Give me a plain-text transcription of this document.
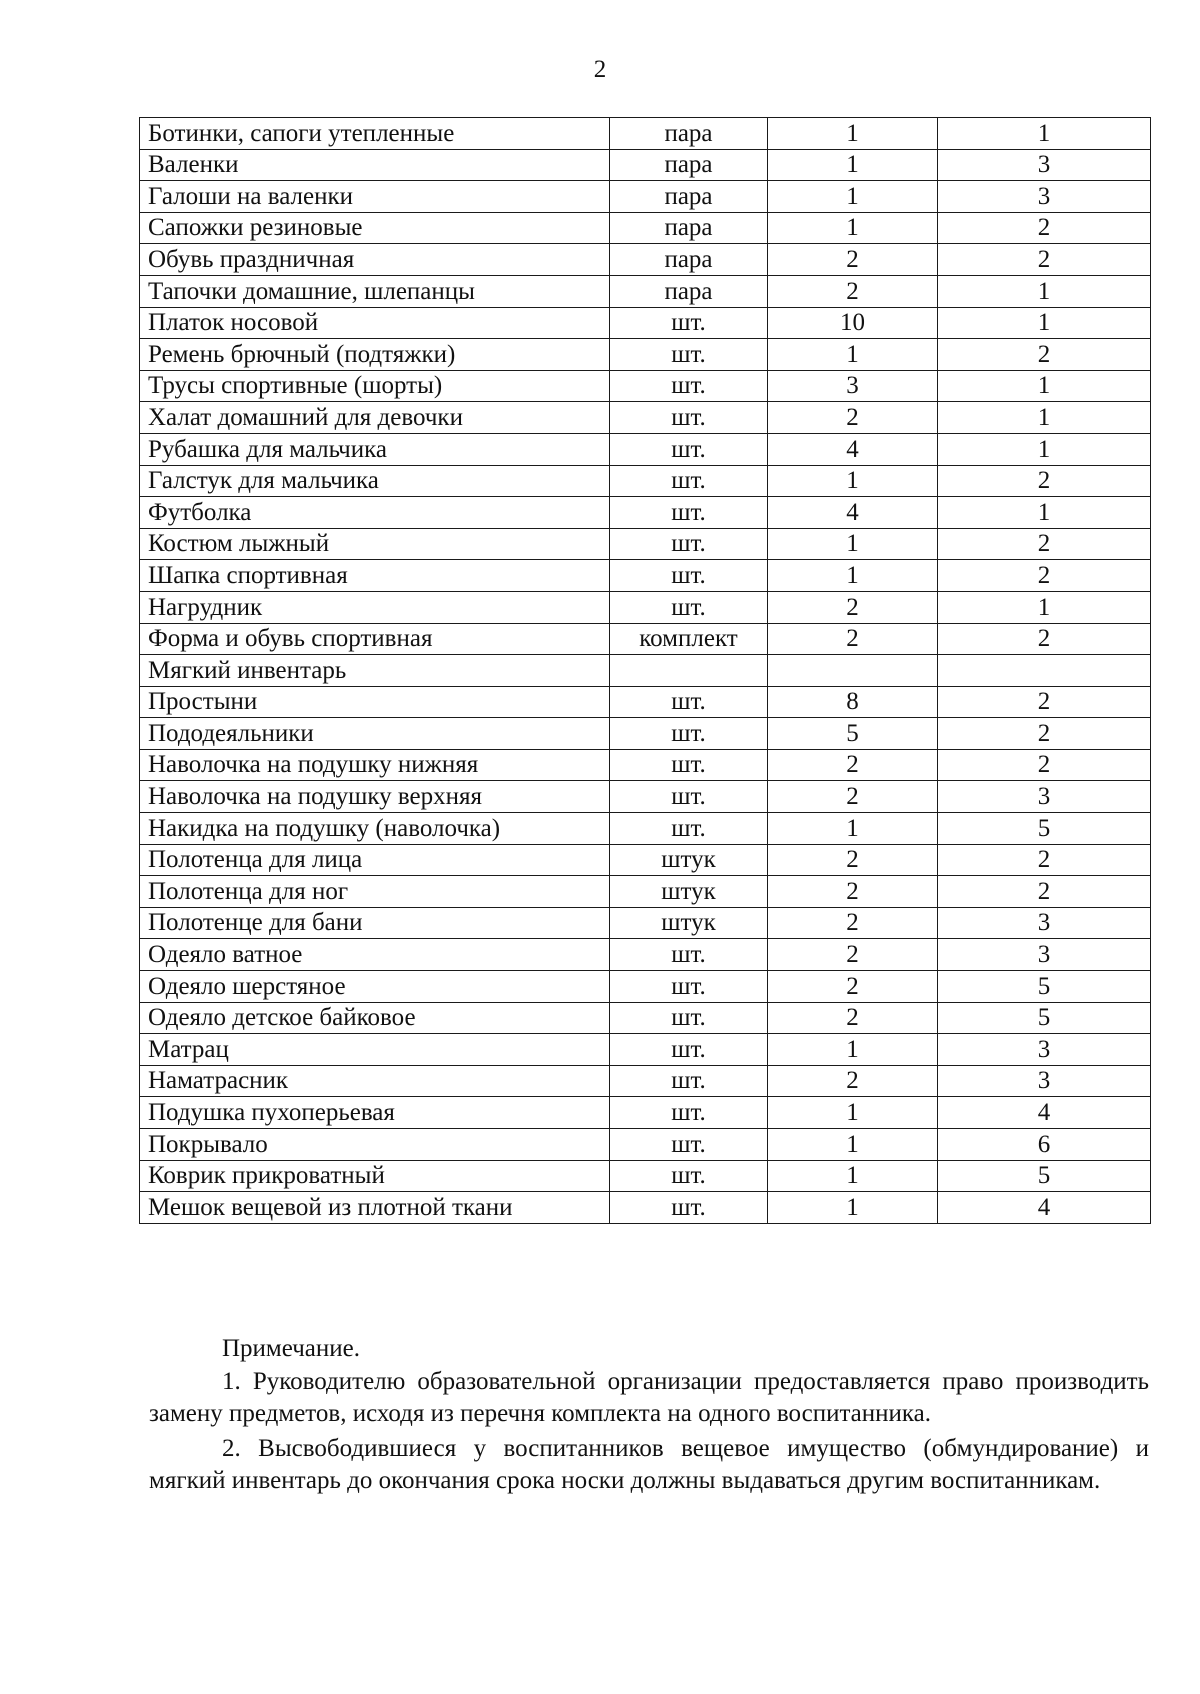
2
Ботинки, сапоги утепленные	пара	1	1
Валенки	пара	1	3
Галоши на валенки	пара	1	3
Сапожки резиновые	пара	1	2
Обувь праздничная	пара	2	2
Тапочки домашние, шлепанцы	пара	2	1
Платок носовой	шт.	10	1
Ремень брючный (подтяжки)	шт.	1	2
Трусы спортивные (шорты)	шт.	3	1
Халат домашний для девочки	шт.	2	1
Рубашка для мальчика	шт.	4	1
Галстук для мальчика	шт.	1	2
Футболка	шт.	4	1
Костюм лыжный	шт.	1	2
Шапка спортивная	шт.	1	2
Нагрудник	шт.	2	1
Форма и обувь спортивная	комплект	2	2
Мягкий инвентарь			
Простыни	шт.	8	2
Пододеяльники	шт.	5	2
Наволочка на подушку нижняя	шт.	2	2
Наволочка на подушку верхняя	шт.	2	3
Накидка на подушку (наволочка)	шт.	1	5
Полотенца для лица	штук	2	2
Полотенца для ног	штук	2	2
Полотенце для бани	штук	2	3
Одеяло ватное	шт.	2	3
Одеяло шерстяное	шт.	2	5
Одеяло детское байковое	шт.	2	5
Матрац	шт.	1	3
Наматрасник	шт.	2	3
Подушка пухоперьевая	шт.	1	4
Покрывало	шт.	1	6
Коврик прикроватный	шт.	1	5
Мешок вещевой из плотной ткани	шт.	1	4
Примечание.

1. Руководителю образовательной организации предоставляется право производить замену предметов, исходя из перечня комплекта на одного воспитанника.

2. Высвободившиеся у воспитанников вещевое имущество (обмундирование) и мягкий инвентарь до окончания срока носки должны выдаваться другим воспитанникам.
